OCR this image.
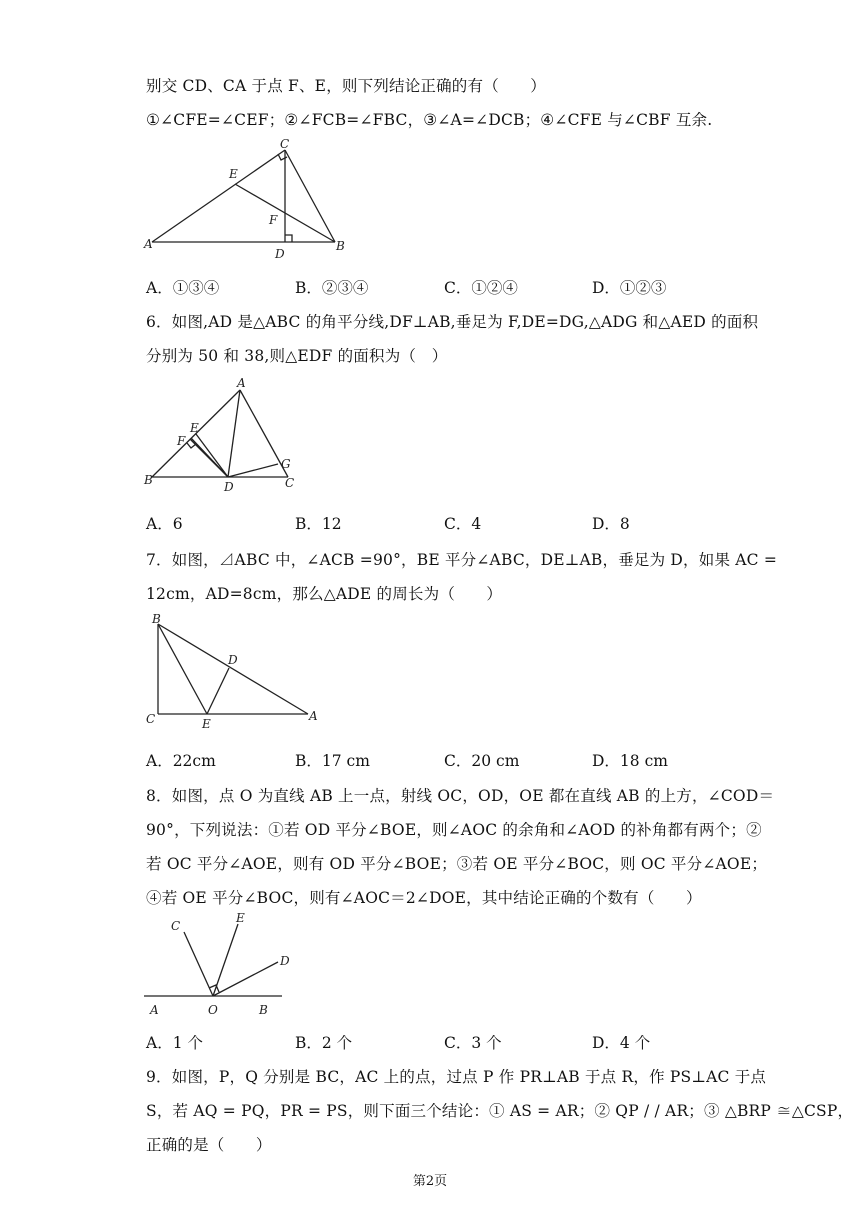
别交 CD、CA 于点 F、E，则下列结论正确的有（　　）
①∠CFE=∠CEF；②∠FCB=∠FBC，③∠A=∠DCB；④∠CFE 与∠CBF 互余.
A	B
C
D
E
F
A．①③④	B．②③④	C．①②④	D．①②③
6．如图,AD 是△ABC 的角平分线,DF⊥AB,垂足为 F,DE=DG,△ADG 和△AED 的面积
分别为 50 和 38,则△EDF 的面积为（　）
A
B	C
D
E
F
G
A．6	B．12	C．4	D．8
7．如图，⊿ABC 中，∠ACB =90°，BE 平分∠ABC，DE⊥AB，垂足为 D，如果 AC =
12cm，AD=8cm，那么△ADE 的周长为（　　）
B
C
D
E
A
A．22cm	B．17 cm	C．20 cm	D．18 cm
8．如图，点 O 为直线 AB 上一点，射线 OC，OD，OE 都在直线 AB 的上方，∠COD＝
90°，下列说法：①若 OD 平分∠BOE，则∠AOC 的余角和∠AOD 的补角都有两个；②
若 OC 平分∠AOE，则有 OD 平分∠BOE；③若 OE 平分∠BOC，则 OC 平分∠AOE；
④若 OE 平分∠BOC，则有∠AOC＝2∠DOE，其中结论正确的个数有（　　）
C
E
D
A	O	B
A．1 个	B．2 个	C．3 个	D．4 个
9．如图，P，Q 分别是 BC，AC 上的点，过点 P 作 PR⊥AB 于点 R，作 PS⊥AC 于点
S，若 AQ = PQ，PR = PS，则下面三个结论：① AS = AR；② QP / / AR；③ △BRP ≅△CSP，
正确的是（　　）
第2页
